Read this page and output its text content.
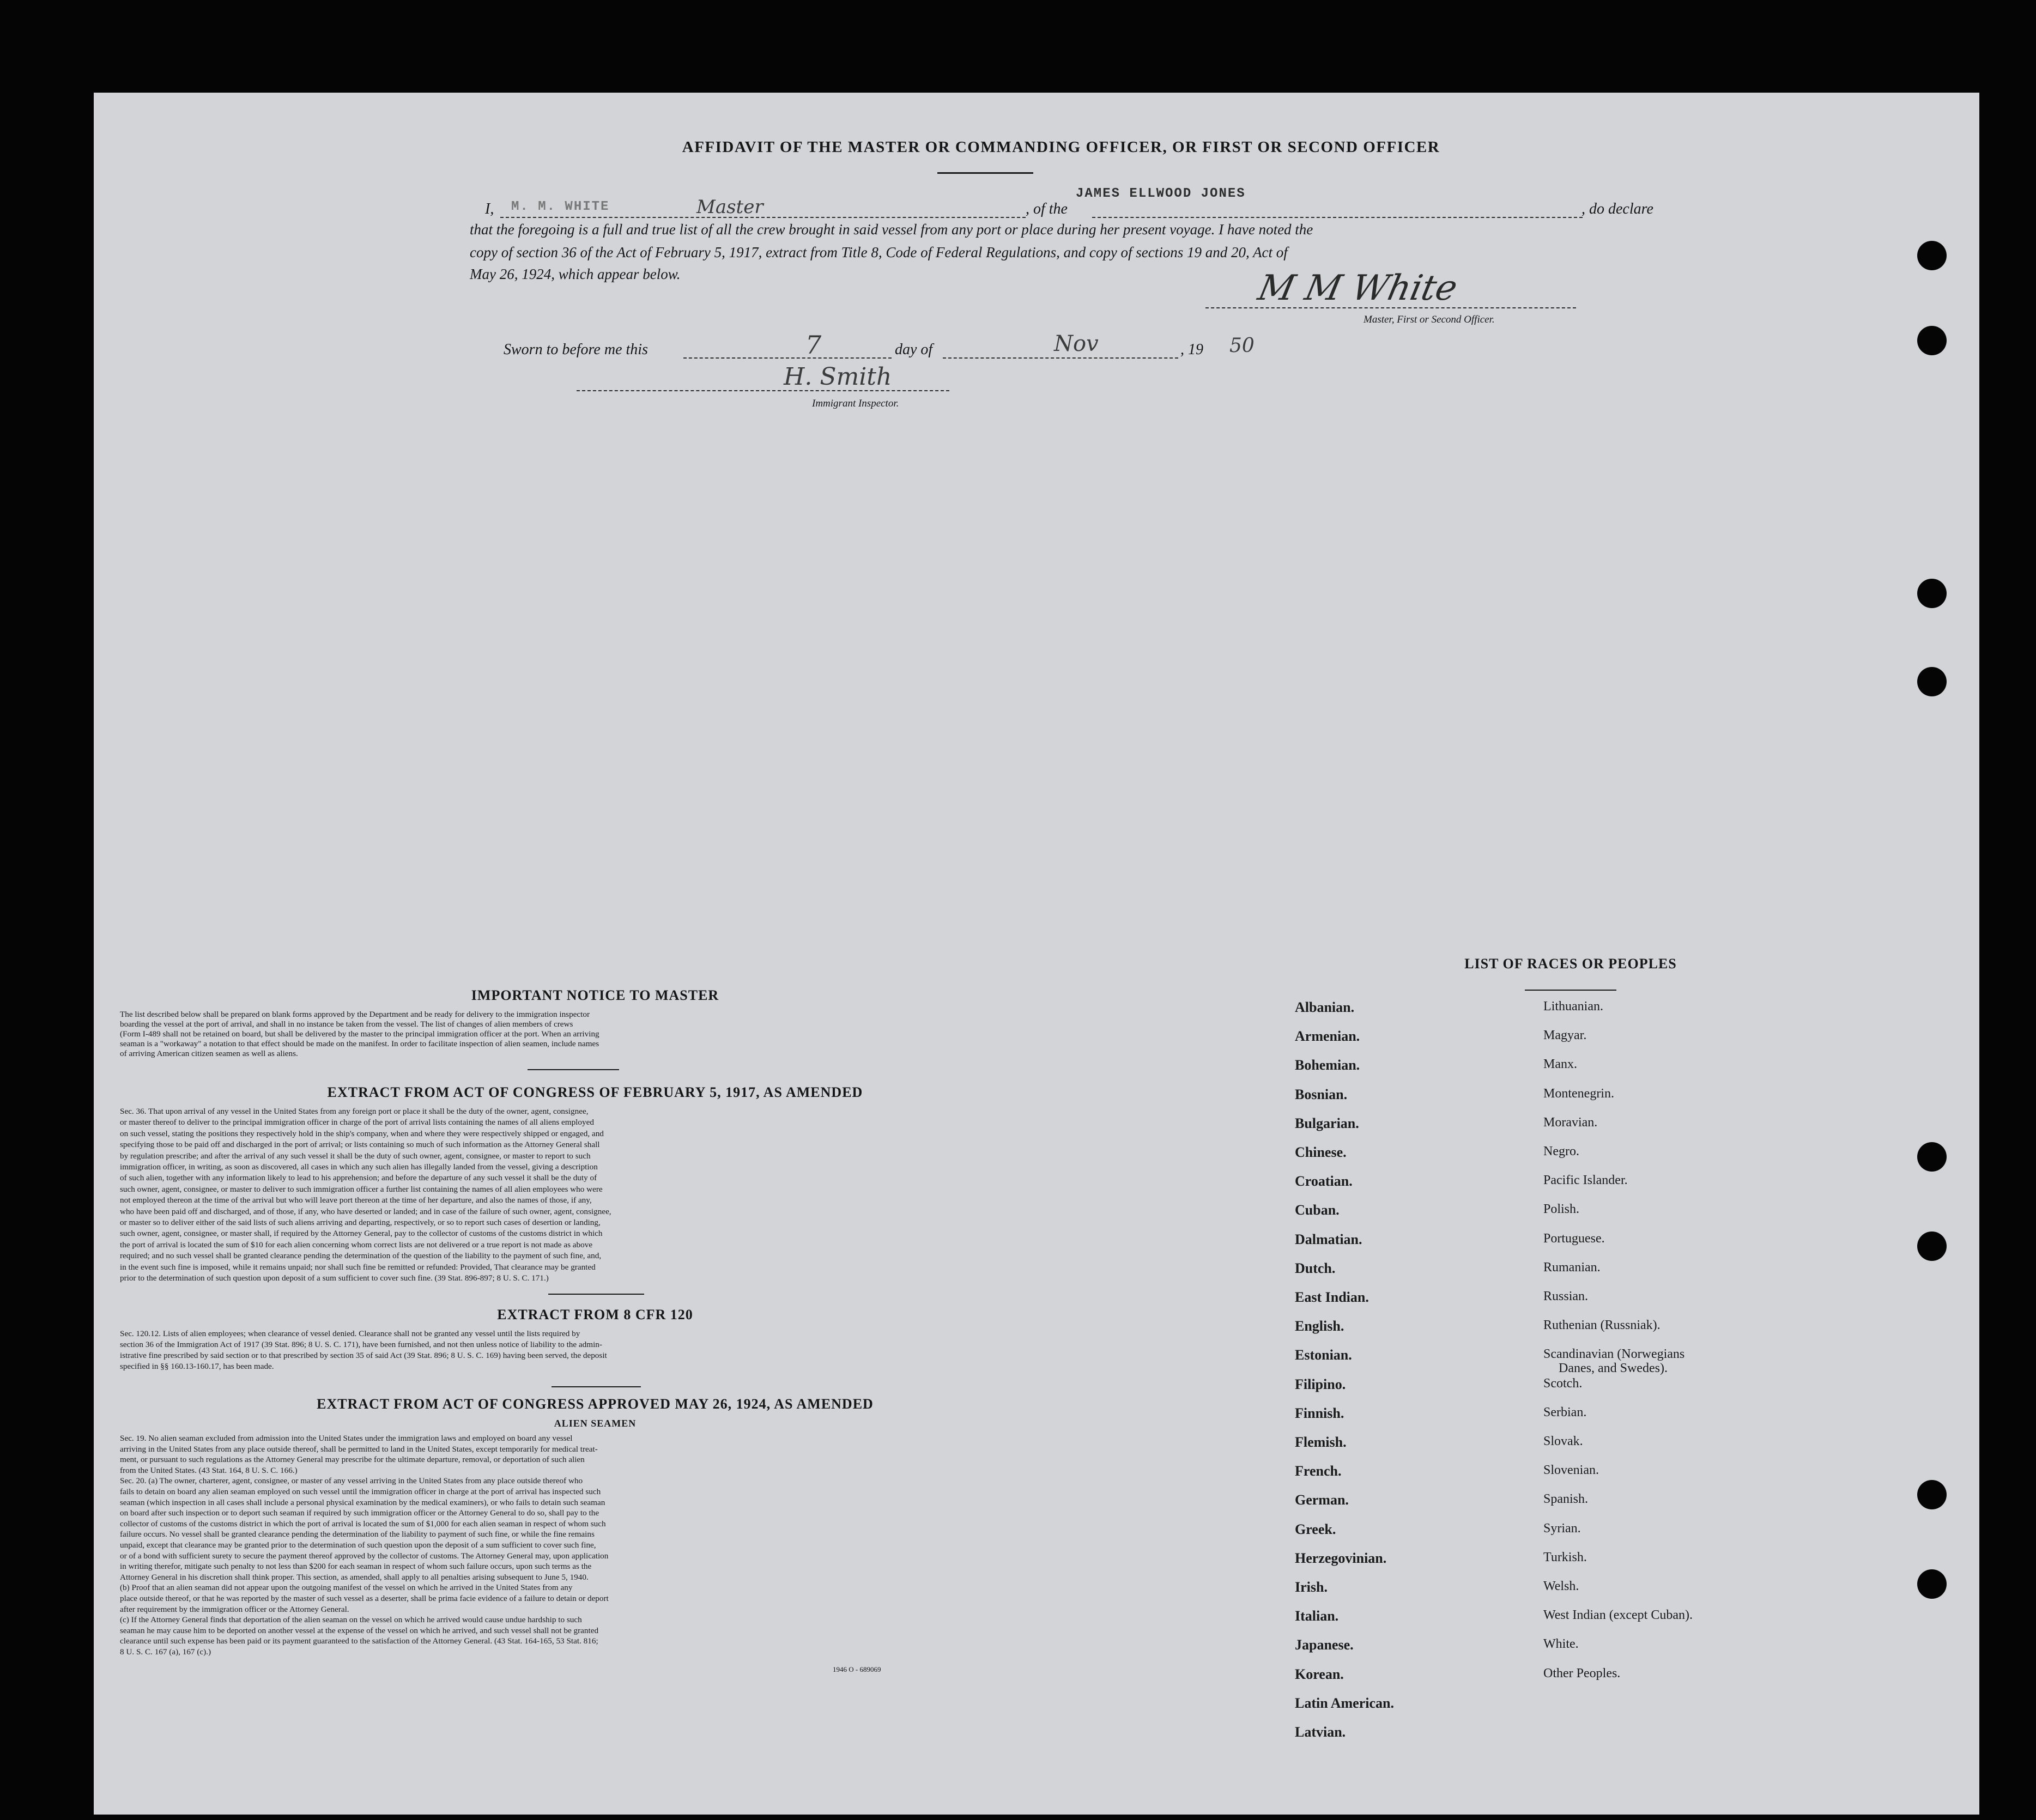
AFFIDAVIT OF THE MASTER OR COMMANDING OFFICER, OR FIRST OR SECOND OFFICER
I, M. M. WHITE	Master	, of the
JAMES ELLWOOD JONES
, do declare
that the foregoing is a full and true list of all the crew brought in said vessel from any port or place during her present voyage. I have noted the
copy of section 36 of the Act of February 5, 1917, extract from Title 8, Code of Federal Regulations, and copy of sections 19 and 20, Act of
May 26, 1924, which appear below.	M M White
Master, First or Second Officer.
Sworn to before me this	7	day of	Nov	, 19 50
H. Smith
Immigrant Inspector.
IMPORTANT NOTICE TO MASTER
The list described below shall be prepared on blank forms approved by the Department and be ready for delivery to the immigration inspector
boarding the vessel at the port of arrival, and shall in no instance be taken from the vessel. The list of changes of alien members of crews
(Form I-489 shall not be retained on board, but shall be delivered by the master to the principal immigration officer at the port. When an arriving
seaman is a "workaway" a notation to that effect should be made on the manifest. In order to facilitate inspection of alien seamen, include names
of arriving American citizen seamen as well as aliens.
EXTRACT FROM ACT OF CONGRESS OF FEBRUARY 5, 1917, AS AMENDED
Sec. 36. That upon arrival of any vessel in the United States from any foreign port or place it shall be the duty of the owner, agent, consignee,
or master thereof to deliver to the principal immigration officer in charge of the port of arrival lists containing the names of all aliens employed
on such vessel, stating the positions they respectively hold in the ship's company, when and where they were respectively shipped or engaged, and
specifying those to be paid off and discharged in the port of arrival; or lists containing so much of such information as the Attorney General shall
by regulation prescribe; and after the arrival of any such vessel it shall be the duty of such owner, agent, consignee, or master to report to such
immigration officer, in writing, as soon as discovered, all cases in which any such alien has illegally landed from the vessel, giving a description
of such alien, together with any information likely to lead to his apprehension; and before the departure of any such vessel it shall be the duty of
such owner, agent, consignee, or master to deliver to such immigration officer a further list containing the names of all alien employees who were
not employed thereon at the time of the arrival but who will leave port thereon at the time of her departure, and also the names of those, if any,
who have been paid off and discharged, and of those, if any, who have deserted or landed; and in case of the failure of such owner, agent, consignee,
or master so to deliver either of the said lists of such aliens arriving and departing, respectively, or so to report such cases of desertion or landing,
such owner, agent, consignee, or master shall, if required by the Attorney General, pay to the collector of customs of the customs district in which
the port of arrival is located the sum of $10 for each alien concerning whom correct lists are not delivered or a true report is not made as above
required; and no such vessel shall be granted clearance pending the determination of the question of the liability to the payment of such fine, and,
in the event such fine is imposed, while it remains unpaid; nor shall such fine be remitted or refunded: Provided, That clearance may be granted
prior to the determination of such question upon deposit of a sum sufficient to cover such fine. (39 Stat. 896-897; 8 U. S. C. 171.)
EXTRACT FROM 8 CFR 120
Sec. 120.12. Lists of alien employees; when clearance of vessel denied. Clearance shall not be granted any vessel until the lists required by
section 36 of the Immigration Act of 1917 (39 Stat. 896; 8 U. S. C. 171), have been furnished, and not then unless notice of liability to the admin-
istrative fine prescribed by said section or to that prescribed by section 35 of said Act (39 Stat. 896; 8 U. S. C. 169) having been served, the deposit
specified in §§ 160.13-160.17, has been made.
EXTRACT FROM ACT OF CONGRESS APPROVED MAY 26, 1924, AS AMENDED
ALIEN SEAMEN
Sec. 19. No alien seaman excluded from admission into the United States under the immigration laws and employed on board any vessel
arriving in the United States from any place outside thereof, shall be permitted to land in the United States, except temporarily for medical treat-
ment, or pursuant to such regulations as the Attorney General may prescribe for the ultimate departure, removal, or deportation of such alien
from the United States. (43 Stat. 164, 8 U. S. C. 166.)
Sec. 20. (a) The owner, charterer, agent, consignee, or master of any vessel arriving in the United States from any place outside thereof who
fails to detain on board any alien seaman employed on such vessel until the immigration officer in charge at the port of arrival has inspected such
seaman (which inspection in all cases shall include a personal physical examination by the medical examiners), or who fails to detain such seaman
on board after such inspection or to deport such seaman if required by such immigration officer or the Attorney General to do so, shall pay to the
collector of customs of the customs district in which the port of arrival is located the sum of $1,000 for each alien seaman in respect of whom such
failure occurs. No vessel shall be granted clearance pending the determination of the liability to payment of such fine, or while the fine remains
unpaid, except that clearance may be granted prior to the determination of such question upon the deposit of a sum sufficient to cover such fine,
or of a bond with sufficient surety to secure the payment thereof approved by the collector of customs. The Attorney General may, upon application
in writing therefor, mitigate such penalty to not less than $200 for each seaman in respect of whom such failure occurs, upon such terms as the
Attorney General in his discretion shall think proper. This section, as amended, shall apply to all penalties arising subsequent to June 5, 1940.
(b) Proof that an alien seaman did not appear upon the outgoing manifest of the vessel on which he arrived in the United States from any
place outside thereof, or that he was reported by the master of such vessel as a deserter, shall be prima facie evidence of a failure to detain or deport
after requirement by the immigration officer or the Attorney General.
(c) If the Attorney General finds that deportation of the alien seaman on the vessel on which he arrived would cause undue hardship to such
seaman he may cause him to be deported on another vessel at the expense of the vessel on which he arrived, and such vessel shall not be granted
clearance until such expense has been paid or its payment guaranteed to the satisfaction of the Attorney General. (43 Stat. 164-165, 53 Stat. 816;
8 U. S. C. 167 (a), 167 (c).)
1946 O - 689069
LIST OF RACES OR PEOPLES
Albanian.
Armenian.
Bohemian.
Bosnian.
Bulgarian.
Chinese.
Croatian.
Cuban.
Dalmatian.
Dutch.
East Indian.
English.
Estonian.
Filipino.
Finnish.
Flemish.
French.
German.
Greek.
Herzegovinian.
Irish.
Italian.
Japanese.
Korean.
Latin American.
Latvian.
Lithuanian.
Magyar.
Manx.
Montenegrin.
Moravian.
Negro.
Pacific Islander.
Polish.
Portuguese.
Rumanian.
Russian.
Ruthenian (Russniak).
Scandinavian (Norwegians
Danes, and Swedes).
Scotch.
Serbian.
Slovak.
Slovenian.
Spanish.
Syrian.
Turkish.
Welsh.
West Indian (except Cuban).
White.
Other Peoples.
